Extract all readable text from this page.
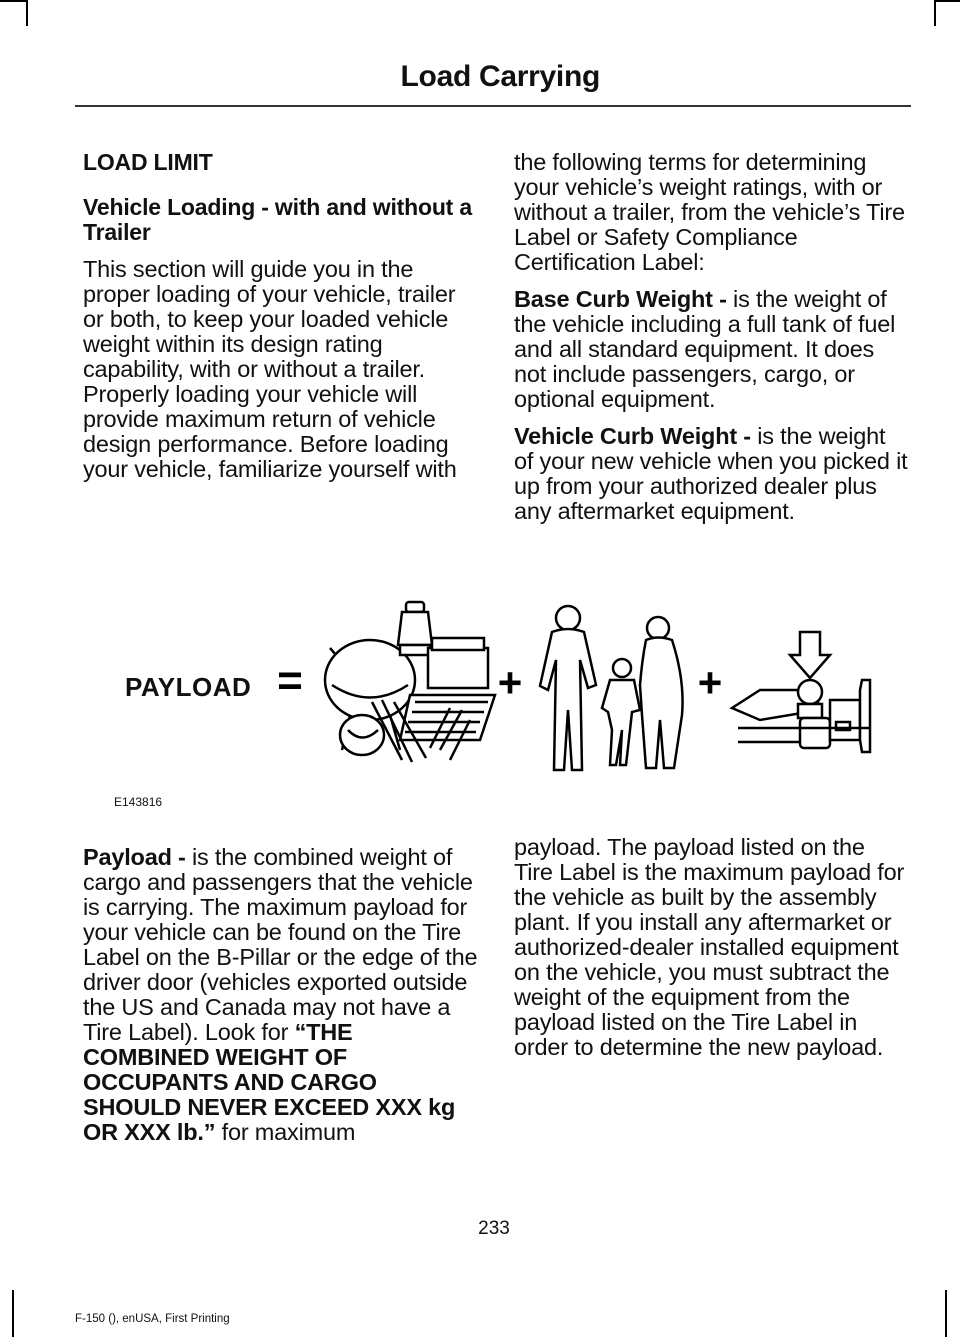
Load Carrying
LOAD LIMIT
Vehicle Loading - with and without a Trailer

This section will guide you in the proper loading of your vehicle, trailer or both, to keep your loaded vehicle weight within its design rating capability, with or without a trailer. Properly loading your vehicle will provide maximum return of vehicle design performance. Before loading your vehicle, familiarize yourself with

the following terms for determining your vehicle’s weight ratings, with or without a trailer, from the vehicle’s Tire Label or Safety Compliance Certification Label:

Base Curb Weight - is the weight of the vehicle including a full tank of fuel and all standard equipment. It does not include passengers, cargo, or optional equipment.

Vehicle Curb Weight - is the weight of your new vehicle when you picked it up from your authorized dealer plus any aftermarket equipment.

PAYLOAD =	+	+
E143816

Payload - is the combined weight of cargo and passengers that the vehicle is carrying. The maximum payload for your vehicle can be found on the Tire Label on the B-Pillar or the edge of the driver door (vehicles exported outside the US and Canada may not have a Tire Label). Look for “THE COMBINED WEIGHT OF OCCUPANTS AND CARGO SHOULD NEVER EXCEED XXX kg OR XXX lb.” for maximum

payload. The payload listed on the Tire Label is the maximum payload for the vehicle as built by the assembly plant. If you install any aftermarket or authorized-dealer installed equipment on the vehicle, you must subtract the weight of the equipment from the payload listed on the Tire Label in order to determine the new payload.

233
F-150 (), enUSA, First Printing
